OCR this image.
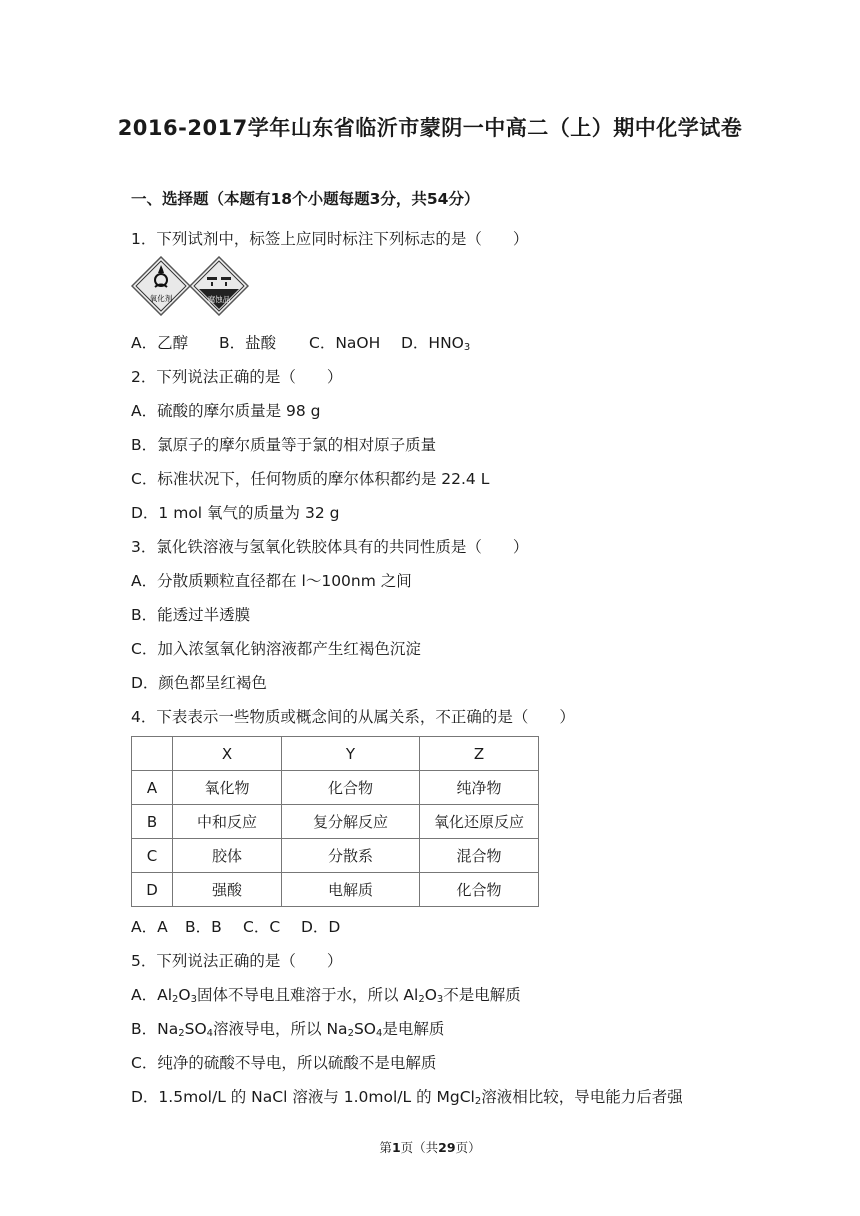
2016-2017学年山东省临沂市蒙阴一中高二（上）期中化学试卷
一、选择题（本题有18个小题每题3分，共54分）
1．下列试剂中，标签上应同时标注下列标志的是（　　）
氧化剂	腐蚀品
A．乙醇 B．盐酸 C．NaOH D．$HNO_3$
2．下列说法正确的是（　　）
A．硫酸的摩尔质量是 98 g
B．氯原子的摩尔质量等于氯的相对原子质量
C．标准状况下，任何物质的摩尔体积都约是 22.4 L
D．1 mol 氧气的质量为 32 g
3．氯化铁溶液与氢氧化铁胶体具有的共同性质是（　　）
A．分散质颗粒直径都在 l～100nm 之间
B．能透过半透膜
C．加入浓氢氧化钠溶液都产生红褐色沉淀
D．颜色都呈红褐色
4．下表表示一些物质或概念间的从属关系，不正确的是（　　）
	X	Y	Z
A	氧化物	化合物	纯净物
B	中和反应	复分解反应	氧化还原反应
C	胶体	分散系	混合物
D	强酸	电解质	化合物
A．A B．B C．C D．D
5．下列说法正确的是（　　）
A．$Al_2O_3$固体不导电且难溶于水，所以 $Al_2O_3$不是电解质
B．$Na_2SO_4$溶液导电，所以 $Na_2SO_4$是电解质
C．纯净的硫酸不导电，所以硫酸不是电解质
D．1.5mol/L 的 NaCl 溶液与 1.0mol/L 的 MgCl$_2$溶液相比较，导电能力后者强
第1页（共29页）
